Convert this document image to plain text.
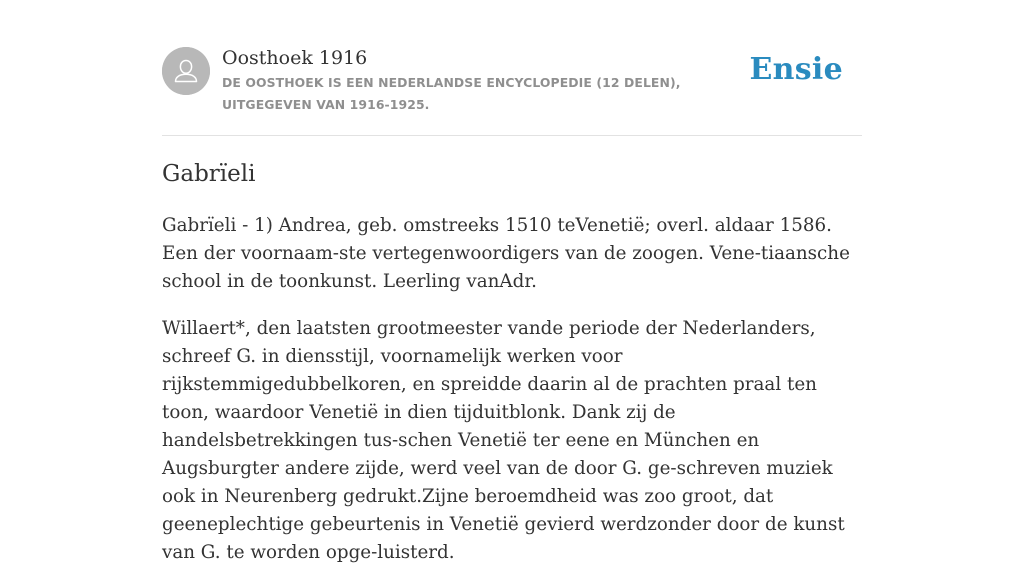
Oosthoek 1916

DE OOSTHOEK IS EEN NEDERLANDSE ENCYCLOPEDIE (12 DELEN), UITGEGEVEN VAN 1916-1925.

Ensie
Gabrïeli

Gabrïeli - 1) Andrea, geb. omstreeks 1510 teVenetië; overl. aldaar 1586. Een der voornaam-ste vertegenwoordigers van de zoogen. Vene-tiaansche school in de toonkunst. Leerling vanAdr.

Willaert*, den laatsten grootmeester vande periode der Nederlanders, schreef G. in diensstijl, voornamelijk werken voor rijkstemmigedubbelkoren, en spreidde daarin al de prachten praal ten toon, waardoor Venetië in dien tijduitblonk. Dank zij de handelsbetrekkingen tus-schen Venetië ter eene en München en Augsburgter andere zijde, werd veel van de door G. ge-schreven muziek ook in Neurenberg gedrukt.Zijne beroemdheid was zoo groot, dat geeneplechtige gebeurtenis in Venetië gevierd werdzonder door de kunst van G. te worden opge-luisterd.
